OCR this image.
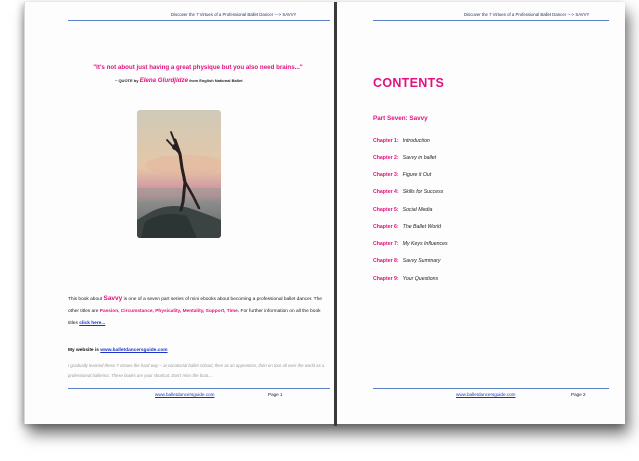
Discover the 7 Virtues of a Professional Ballet Dancer ---> SAVVY
"It's not about just having a great physique but you also need brains..."
~ QUOTE by Elena Glurdjidze from English National Ballet
This book about Savvy is one of a seven part series of mini ebooks about becoming a professional ballet dancer. The other titles are Passion, Circumstance, Physicality, Mentality, Support, Time. For further information on all the book titles click here...
My website is www.balletdancersguide.com
I gradually learned these 7 virtues the hard way – at vocational ballet school, then as an apprentice, then on tour all over the world as a professional ballerina. These books are your shortcut. Don't miss the boat....
www.balletdancersguide.com	Page 1
Discover the 7 Virtues of a Professional Ballet Dancer ---> SAVVY
CONTENTS
Part Seven: Savvy
Chapter 1: Introduction
Chapter 2: Savvy in ballet
Chapter 3: Figure it Out
Chapter 4: Skills for Success
Chapter 5: Social Media
Chapter 6: The Ballet World
Chapter 7: My Keys Influences
Chapter 8: Savvy Summary
Chapter 9: Your Questions
www.balletdancersguide.com	Page 2
